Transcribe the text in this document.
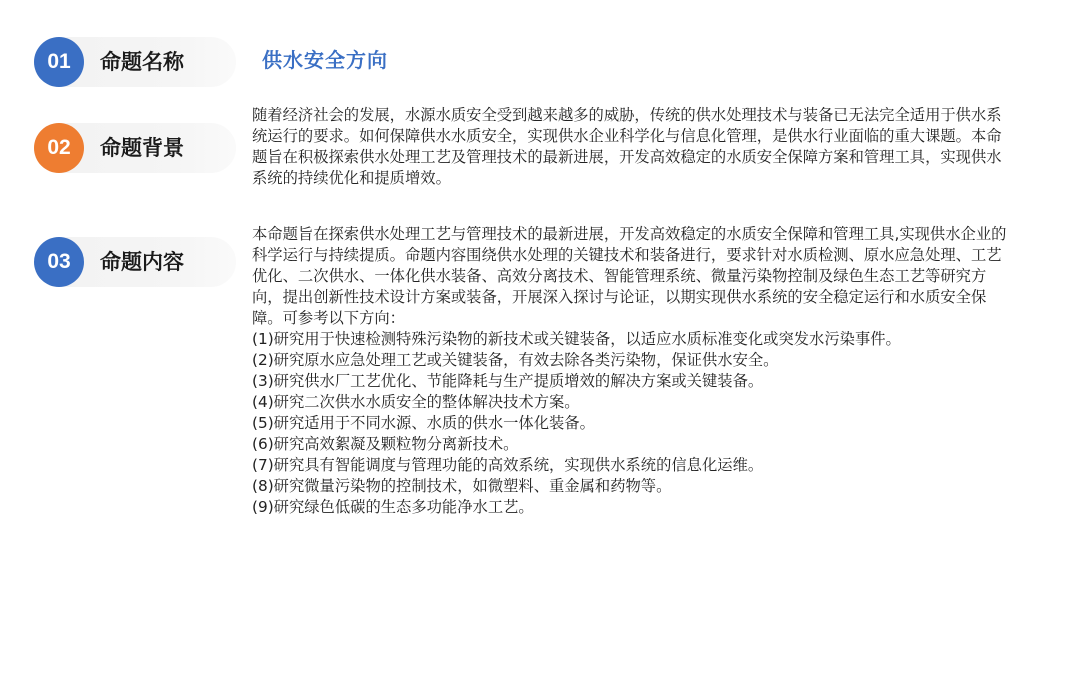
01	命题名称
02	命题背景
03	命题内容
供水安全方向

随着经济社会的发展，水源水质安全受到越来越多的威胁，传统的供水处理技术与装备已无法完全适用于供水系统运行的要求。如何保障供水水质安全，实现供水企业科学化与信息化管理，是供水行业面临的重大课题。本命题旨在积极探索供水处理工艺及管理技术的最新进展，开发高效稳定的水质安全保障方案和管理工具，实现供水系统的持续优化和提质增效。

本命题旨在探索供水处理工艺与管理技术的最新进展，开发高效稳定的水质安全保障和管理工具,实现供水企业的科学运行与持续提质。命题内容围绕供水处理的关键技术和装备进行，要求针对水质检测、原水应急处理、工艺优化、二次供水、一体化供水装备、高效分离技术、智能管理系统、微量污染物控制及绿色生态工艺等研究方向，提出创新性技术设计方案或装备，开展深入探讨与论证，以期实现供水系统的安全稳定运行和水质安全保障。可参考以下方向：

(1)研究用于快速检测特殊污染物的新技术或关键装备，以适应水质标准变化或突发水污染事件。
(2)研究原水应急处理工艺或关键装备，有效去除各类污染物，保证供水安全。
(3)研究供水厂工艺优化、节能降耗与生产提质增效的解决方案或关键装备。
(4)研究二次供水水质安全的整体解决技术方案。
(5)研究适用于不同水源、水质的供水一体化装备。
(6)研究高效絮凝及颗粒物分离新技术。
(7)研究具有智能调度与管理功能的高效系统，实现供水系统的信息化运维。
(8)研究微量污染物的控制技术，如微塑料、重金属和药物等。
(9)研究绿色低碳的生态多功能净水工艺。
